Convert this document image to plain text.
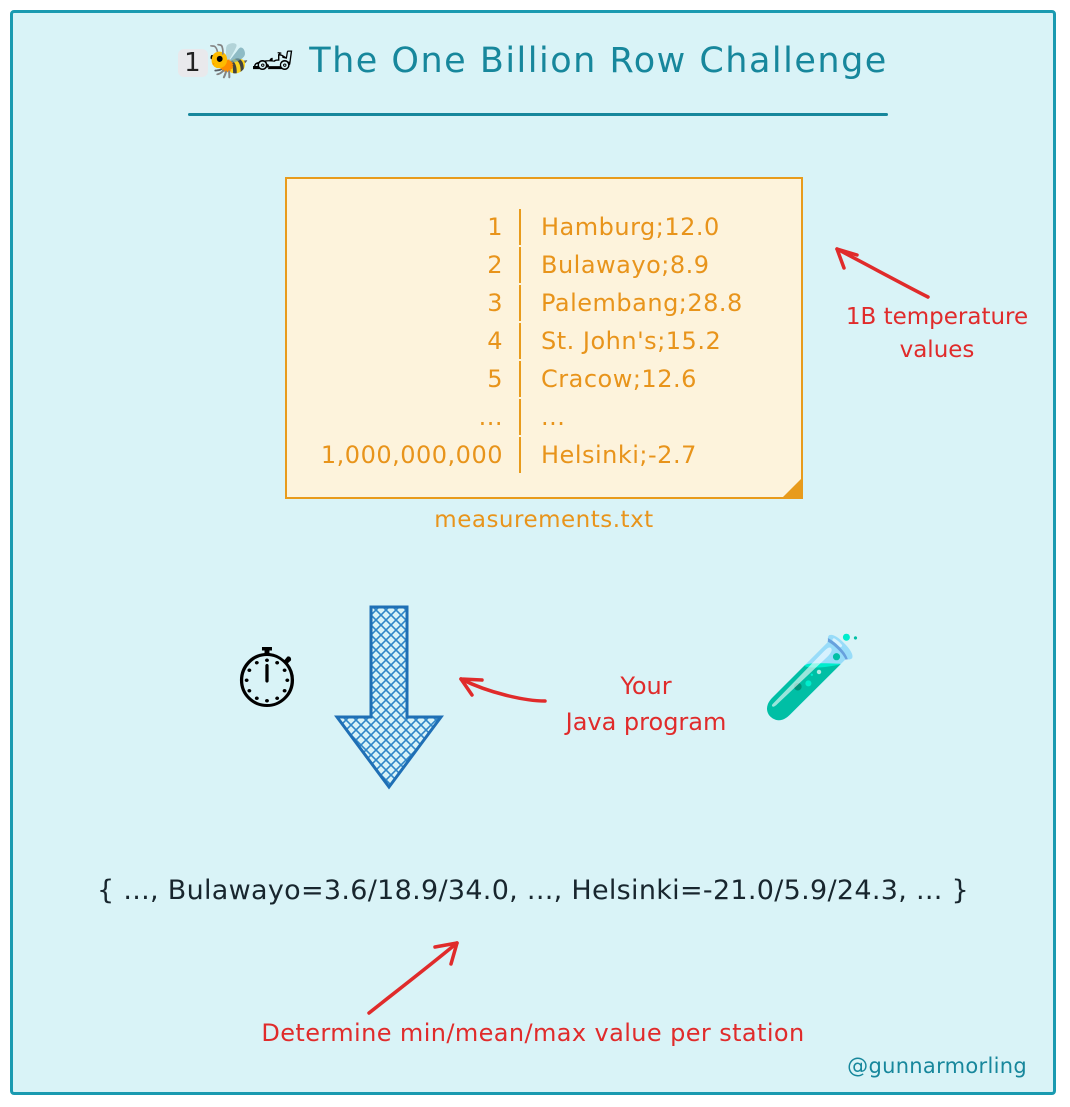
1 🐝🏎 The One Billion Row Challenge
1	Hamburg;12.0
2	Bulawayo;8.9
3	Palembang;28.8
4	St. John's;15.2
5	Cracow;12.6
...	...
1,000,000,000	Helsinki;-2.7
measurements.txt
1B temperature
values
⏱	Your
Java program 🧪
{ ..., Bulawayo=3.6/18.9/34.0, ..., Helsinki=-21.0/5.9/24.3, ... }
Determine min/mean/max value per station
@gunnarmorling
